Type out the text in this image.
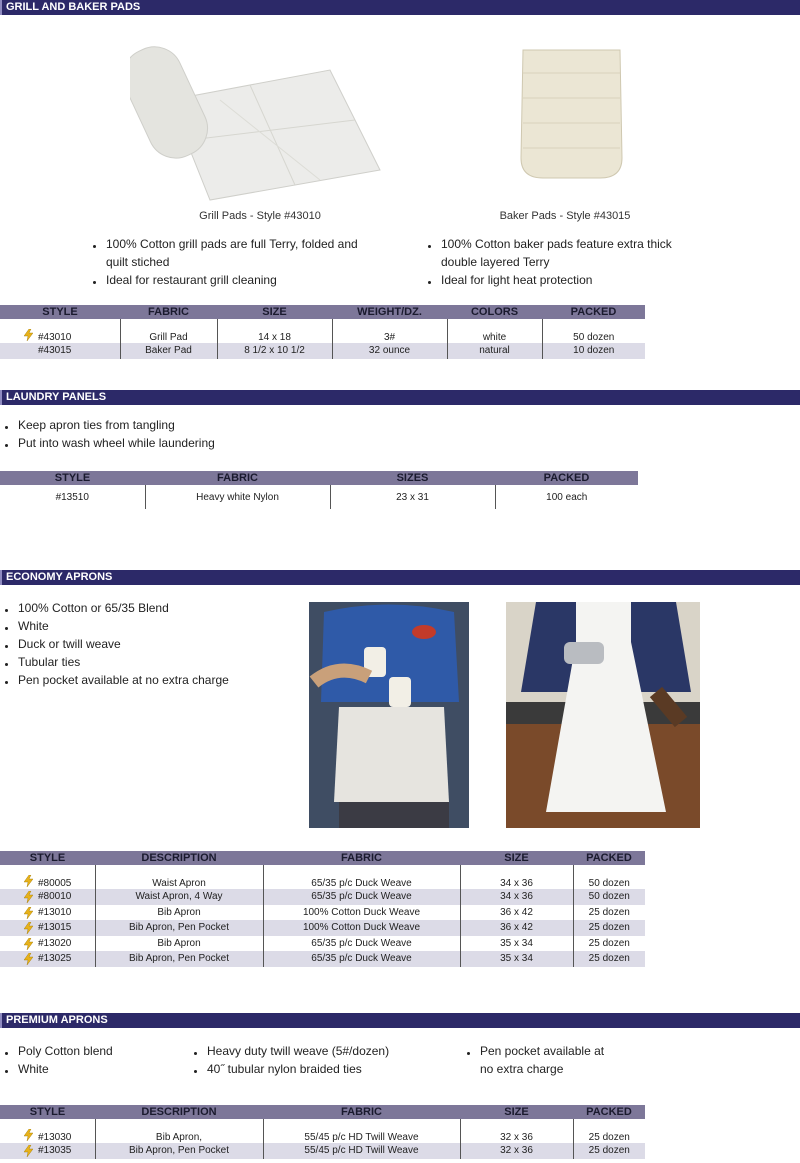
GRILL AND BAKER PADS
Grill Pads - Style #43010	Baker Pads - Style #43015
100% Cotton grill pads are full Terry, folded and quilt stiched
Ideal for restaurant grill cleaning
100% Cotton baker pads feature extra thick double layered Terry
Ideal for light heat protection
STYLE	FABRIC	SIZE	WEIGHT/DZ.	COLORS	PACKED

#43010	Grill Pad	14 x 18	3#	white	50 dozen
#43015	Baker Pad	8 1/2 x 10 1/2	32 ounce	natural	10 dozen
LAUNDRY PANELS
Keep apron ties from tangling
Put into wash wheel while laundering
STYLE	FABRIC	SIZES	PACKED
#13510	Heavy white Nylon	23 x 31	100 each
ECONOMY APRONS
100% Cotton or 65/35 Blend
White
Duck or twill weave
Tubular ties
Pen pocket available at no extra charge
STYLE	DESCRIPTION	FABRIC	SIZE	PACKED

#80005	Waist Apron	65/35 p/c Duck Weave	34 x 36	50 dozen

#80010	Waist Apron, 4 Way	65/35 p/c Duck Weave	34 x 36	50 dozen

#13010	Bib Apron	100% Cotton Duck Weave	36 x 42	25 dozen

#13015	Bib Apron, Pen Pocket	100% Cotton Duck Weave	36 x 42	25 dozen

#13020	Bib Apron	65/35 p/c Duck Weave	35 x 34	25 dozen

#13025	Bib Apron, Pen Pocket	65/35 p/c Duck Weave	35 x 34	25 dozen
PREMIUM APRONS
Poly Cotton blend
White
Heavy duty twill weave (5#/dozen)
40˝ tubular nylon braided ties
Pen pocket available at no extra charge
STYLE	DESCRIPTION	FABRIC	SIZE	PACKED

#13030	Bib Apron,	55/45 p/c HD Twill Weave	32 x 36	25 dozen

#13035	Bib Apron, Pen Pocket	55/45 p/c HD Twill Weave	32 x 36	25 dozen
